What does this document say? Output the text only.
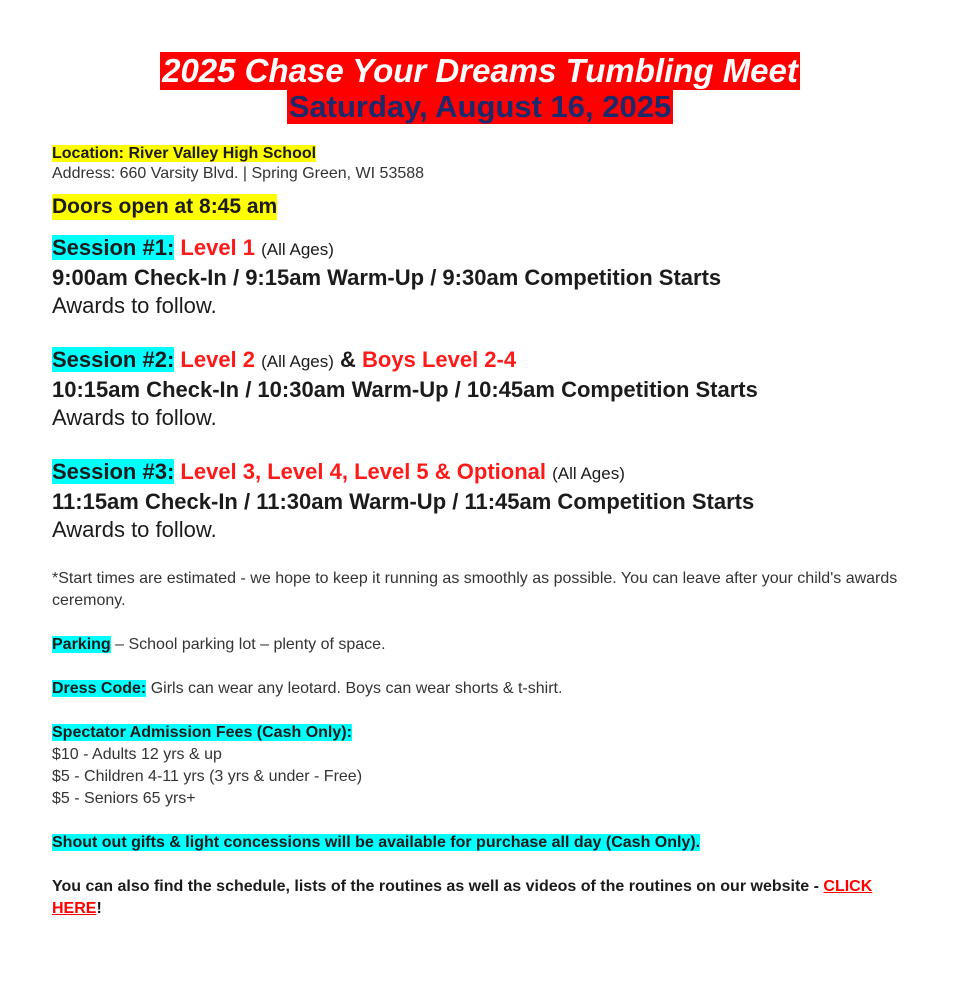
2025 Chase Your Dreams Tumbling Meet
Saturday, August 16, 2025
Location: River Valley High School
Address: 660 Varsity Blvd. | Spring Green, WI 53588
Doors open at 8:45 am
Session #1: Level 1 (All Ages)
9:00am Check-In / 9:15am Warm-Up / 9:30am Competition Starts
Awards to follow.
Session #2: Level 2 (All Ages) & Boys Level 2-4
10:15am Check-In / 10:30am Warm-Up / 10:45am Competition Starts
Awards to follow.
Session #3: Level 3, Level 4, Level 5 & Optional (All Ages)
11:15am Check-In / 11:30am Warm-Up / 11:45am Competition Starts
Awards to follow.
*Start times are estimated - we hope to keep it running as smoothly as possible. You can leave after your child's awards ceremony.
Parking – School parking lot – plenty of space.
Dress Code: Girls can wear any leotard. Boys can wear shorts & t-shirt.
Spectator Admission Fees (Cash Only):
$10 - Adults 12 yrs & up
$5 - Children 4-11 yrs (3 yrs & under - Free)
$5 - Seniors 65 yrs+
Shout out gifts & light concessions will be available for purchase all day (Cash Only).
You can also find the schedule, lists of the routines as well as videos of the routines on our website - CLICK HERE!
